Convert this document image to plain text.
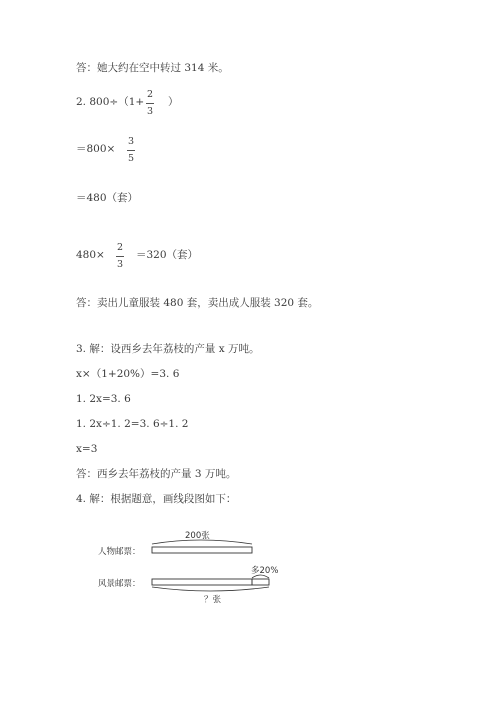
答：她大约在空中转过 314 米。
2. 800÷（1+
2
3
）
＝800×
3
5
＝480（套）
480×
2
3
＝320（套）
答：卖出儿童服装 480 套，卖出成人服装 320 套。
3. 解：设西乡去年荔枝的产量 x 万吨。
x×（1+20%）=3. 6
1. 2x=3. 6
1. 2x÷1. 2=3. 6÷1. 2
x=3
答：西乡去年荔枝的产量 3 万吨。
4. 解：根据题意，画线段图如下：
人物邮票：
200张
风景邮票：
多20%
？张
